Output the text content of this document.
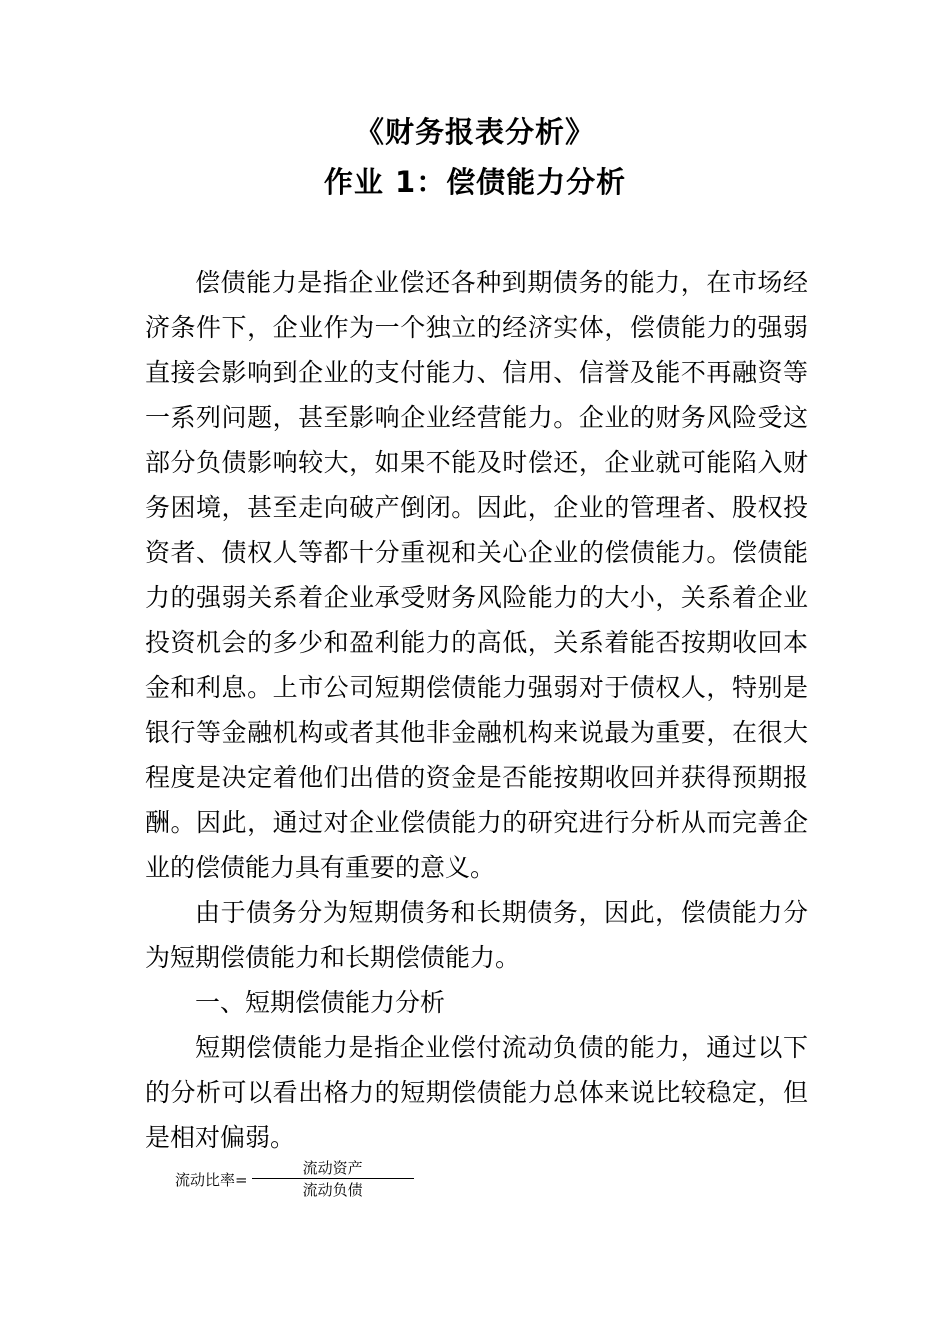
《财务报表分析》
作业 1：偿债能力分析

偿债能力是指企业偿还各种到期债务的能力，在市场经济条件下，企业作为一个独立的经济实体，偿债能力的强弱直接会影响到企业的支付能力、信用、信誉及能不再融资等一系列问题，甚至影响企业经营能力。企业的财务风险受这部分负债影响较大，如果不能及时偿还，企业就可能陷入财务困境，甚至走向破产倒闭。因此，企业的管理者、股权投资者、债权人等都十分重视和关心企业的偿债能力。偿债能力的强弱关系着企业承受财务风险能力的大小，关系着企业投资机会的多少和盈利能力的高低，关系着能否按期收回本金和利息。上市公司短期偿债能力强弱对于债权人，特别是银行等金融机构或者其他非金融机构来说最为重要，在很大程度是决定着他们出借的资金是否能按期收回并获得预期报酬。因此，通过对企业偿债能力的研究进行分析从而完善企业的偿债能力具有重要的意义。

由于债务分为短期债务和长期债务，因此，偿债能力分为短期偿债能力和长期偿债能力。

一、短期偿债能力分析

短期偿债能力是指企业偿付流动负债的能力，通过以下的分析可以看出格力的短期偿债能力总体来说比较稳定，但是相对偏弱。

流动比率= $\frac{\text{流动资产}}{\text{流动负债}}$
